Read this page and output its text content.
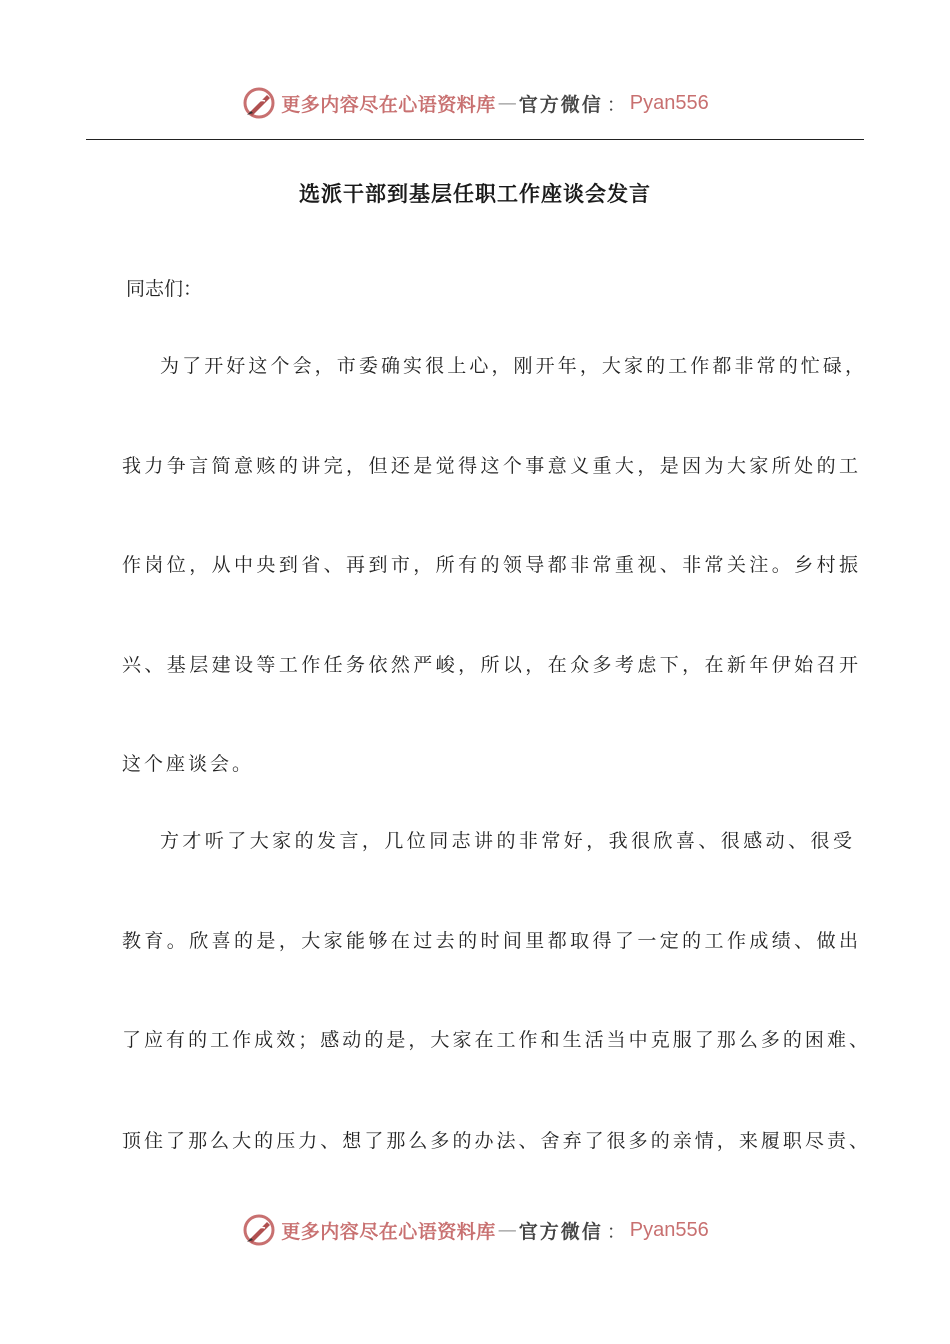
更多内容尽在心语资料库 — 官方微信 ： Pyan556
选派干部到基层任职工作座谈会发言
同志们：
为了开好这个会，市委确实很上心，刚开年，大家的工作都非常的忙碌，
我力争言简意赅的讲完，但还是觉得这个事意义重大，是因为大家所处的工
作岗位，从中央到省、再到市，所有的领导都非常重视、非常关注。乡村振
兴、基层建设等工作任务依然严峻，所以，在众多考虑下，在新年伊始召开
这个座谈会。
方才听了大家的发言，几位同志讲的非常好，我很欣喜、很感动、很受
教育。欣喜的是，大家能够在过去的时间里都取得了一定的工作成绩、做出
了应有的工作成效；感动的是，大家在工作和生活当中克服了那么多的困难、
顶住了那么大的压力、想了那么多的办法、舍弃了很多的亲情，来履职尽责、
更多内容尽在心语资料库 — 官方微信 ： Pyan556
